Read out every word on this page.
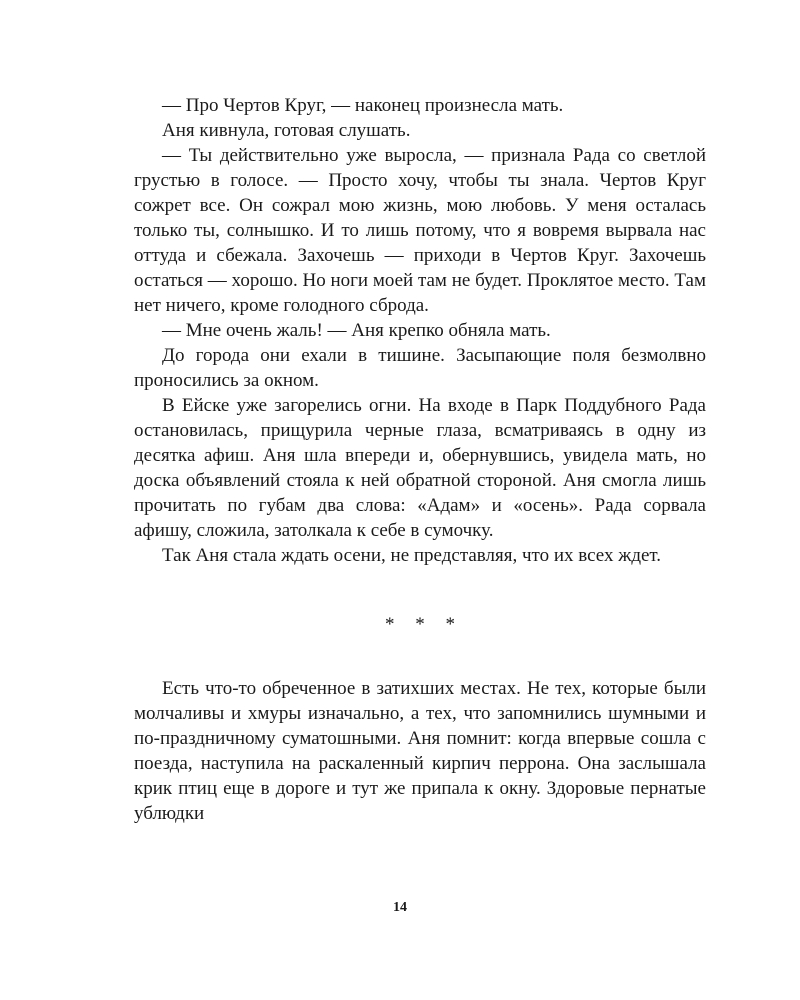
— Про Чертов Круг, — наконец произнесла мать.

Аня кивнула, готовая слушать.

— Ты действительно уже выросла, — признала Рада со светлой грустью в голосе. — Просто хочу, чтобы ты знала. Чертов Круг сожрет все. Он сожрал мою жизнь, мою любовь. У меня осталась только ты, солнышко. И то лишь потому, что я вовремя вырвала нас оттуда и сбежала. Захочешь — приходи в Чертов Круг. Захочешь остаться — хорошо. Но ноги моей там не будет. Проклятое место. Там нет ничего, кроме голодного сброда.

— Мне очень жаль! — Аня крепко обняла мать.

До города они ехали в тишине. Засыпающие поля безмолвно проносились за окном.

В Ейске уже загорелись огни. На входе в Парк Поддубного Рада остановилась, прищурила черные глаза, всматриваясь в одну из десятка афиш. Аня шла впереди и, обернувшись, увидела мать, но доска объявлений стояла к ней обратной стороной. Аня смогла лишь прочитать по губам два слова: «Адам» и «осень». Рада сорвала афишу, сложила, затолкала к себе в сумочку.

Так Аня стала ждать осени, не представляя, что их всех ждет.

* * *

Есть что-то обреченное в затихших местах. Не тех, которые были молчаливы и хмуры изначально, а тех, что запомнились шумными и по-праздничному суматошными. Аня помнит: когда впервые сошла с поезда, наступила на раскаленный кирпич перрона. Она заслышала крик птиц еще в дороге и тут же припала к окну. Здоровые пернатые ублюдки

14
